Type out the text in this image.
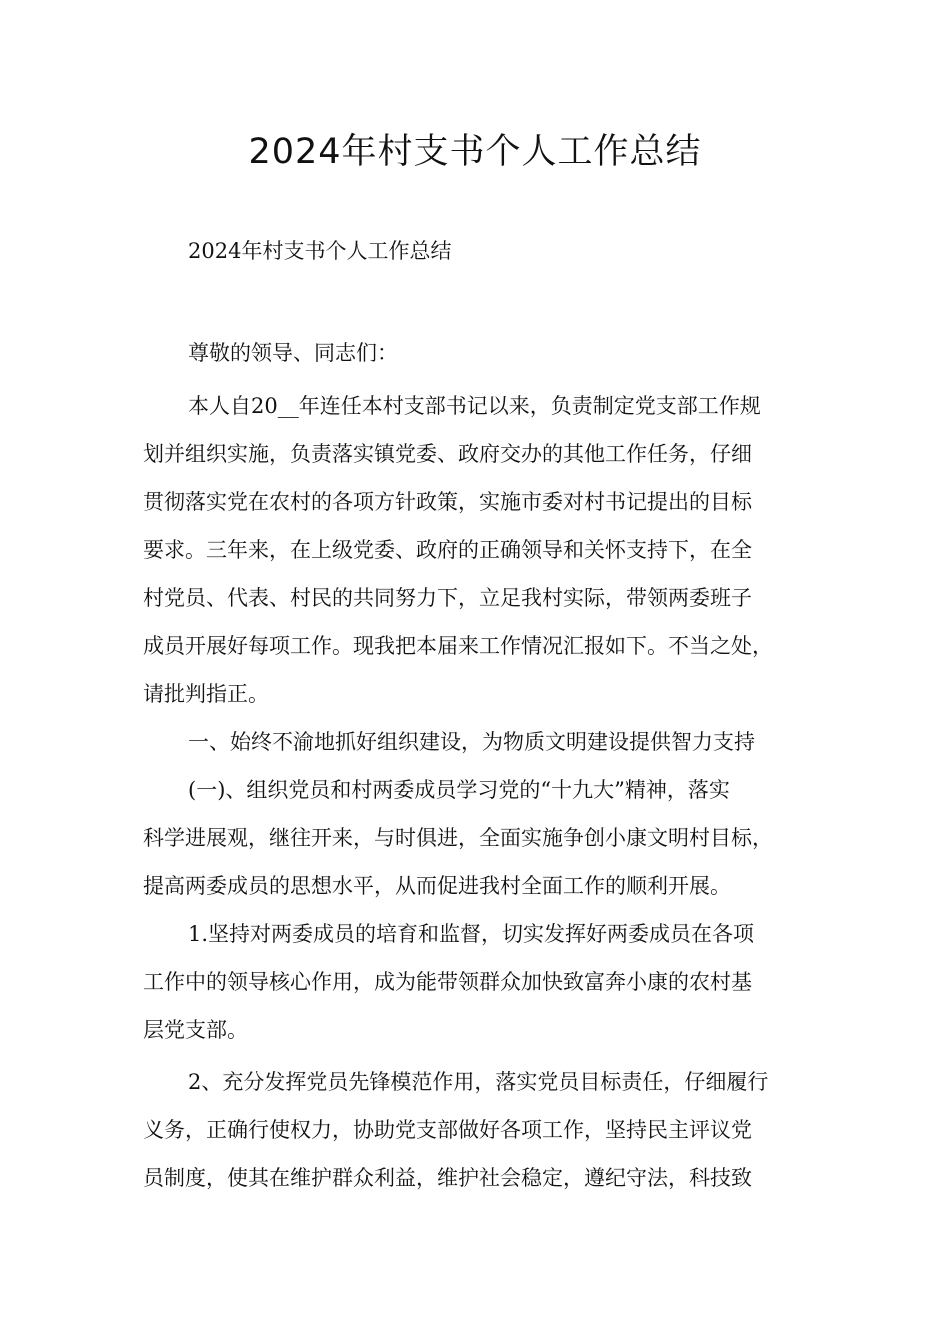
2024年村支书个人工作总结
2024年村支书个人工作总结
尊敬的领导、同志们：

本人自20__年连任本村支部书记以来，负责制定党支部工作规
划并组织实施，负责落实镇党委、政府交办的其他工作任务，仔细
贯彻落实党在农村的各项方针政策，实施市委对村书记提出的目标
要求。三年来，在上级党委、政府的正确领导和关怀支持下，在全
村党员、代表、村民的共同努力下，立足我村实际，带领两委班子
成员开展好每项工作。现我把本届来工作情况汇报如下。不当之处，
请批判指正。

一、始终不渝地抓好组织建设，为物质文明建设提供智力支持

(一)、组织党员和村两委成员学习党的“十九大”精神，落实
科学进展观，继往开来，与时俱进，全面实施争创小康文明村目标，
提高两委成员的思想水平，从而促进我村全面工作的顺利开展。

1.坚持对两委成员的培育和监督，切实发挥好两委成员在各项
工作中的领导核心作用，成为能带领群众加快致富奔小康的农村基
层党支部。

2、充分发挥党员先锋模范作用，落实党员目标责任，仔细履行
义务，正确行使权力，协助党支部做好各项工作，坚持民主评议党
员制度，使其在维护群众利益，维护社会稳定，遵纪守法，科技致
